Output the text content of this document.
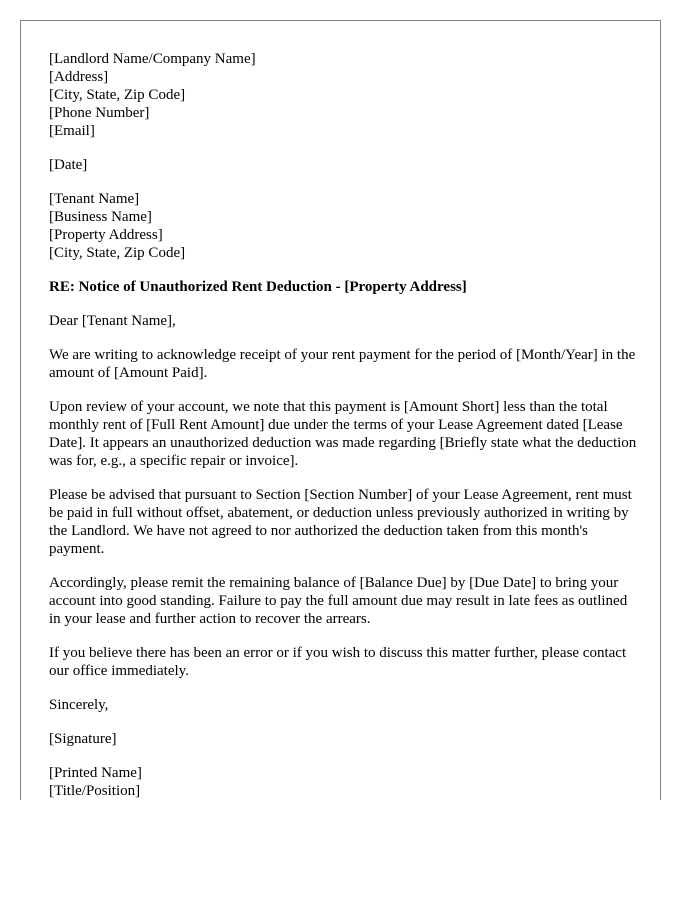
[Landlord Name/Company Name]
[Address]
[City, State, Zip Code]
[Phone Number]
[Email]
[Date]
[Tenant Name]
[Business Name]
[Property Address]
[City, State, Zip Code]

RE: Notice of Unauthorized Rent Deduction - [Property Address]

Dear [Tenant Name],

We are writing to acknowledge receipt of your rent payment for the period of [Month/Year] in the amount of [Amount Paid].

Upon review of your account, we note that this payment is [Amount Short] less than the total monthly rent of [Full Rent Amount] due under the terms of your Lease Agreement dated [Lease Date]. It appears an unauthorized deduction was made regarding [Briefly state what the deduction was for, e.g., a specific repair or invoice].

Please be advised that pursuant to Section [Section Number] of your Lease Agreement, rent must be paid in full without offset, abatement, or deduction unless previously authorized in writing by the Landlord. We have not agreed to nor authorized the deduction taken from this month's payment.

Accordingly, please remit the remaining balance of [Balance Due] by [Due Date] to bring your account into good standing. Failure to pay the full amount due may result in late fees as outlined in your lease and further action to recover the arrears.

If you believe there has been an error or if you wish to discuss this matter further, please contact our office immediately.

Sincerely,

[Signature]

[Printed Name]
[Title/Position]
